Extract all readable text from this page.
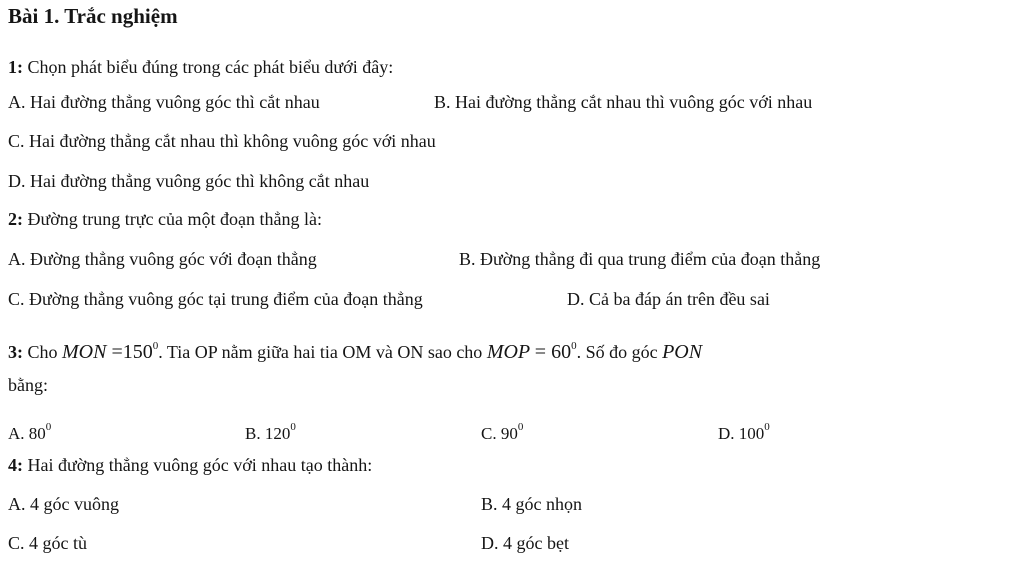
Bài 1. Trắc nghiệm
1: Chọn phát biểu đúng trong các phát biểu dưới đây:
A. Hai đường thẳng vuông góc thì cắt nhau	B. Hai đường thẳng cắt nhau thì vuông góc với nhau
C. Hai đường thẳng cắt nhau thì không vuông góc với nhau
D. Hai đường thẳng vuông góc thì không cắt nhau
2: Đường trung trực của một đoạn thẳng là:
A. Đường thẳng vuông góc với đoạn thẳng	B. Đường thẳng đi qua trung điểm của đoạn thẳng
C. Đường thẳng vuông góc tại trung điểm của đoạn thẳng	D. Cả ba đáp án trên đều sai
3: Cho MON $=150^0$. Tia OP nằm giữa hai tia OM và ON sao cho MOP = $60^0$. Số đo góc PON
bằng:
A. $80^0$	B. $120^0$	C. $90^0$	D. $100^0$
4: Hai đường thẳng vuông góc với nhau tạo thành:
A. 4 góc vuông	B. 4 góc nhọn
C. 4 góc tù	D. 4 góc bẹt
